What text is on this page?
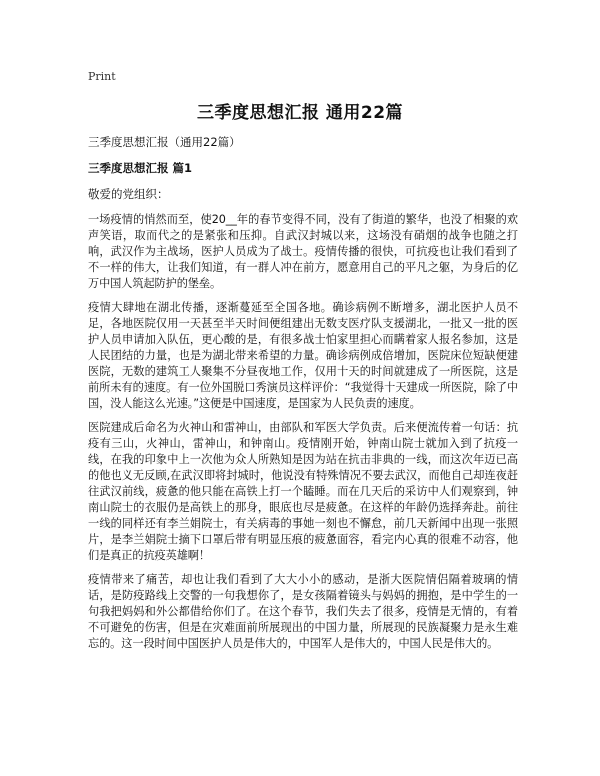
Print
三季度思想汇报 通用22篇

三季度思想汇报（通用22篇）

三季度思想汇报 篇1

敬爱的党组织：

一场疫情的悄然而至，使20__年的春节变得不同，没有了街道的繁华，也没了相聚的欢声笑语，取而代之的是紧张和压抑。自武汉封城以来，这场没有硝烟的战争也随之打响，武汉作为主战场，医护人员成为了战士。疫情传播的很快，可抗疫也让我们看到了不一样的伟大，让我们知道，有一群人冲在前方，愿意用自己的平凡之躯，为身后的亿万中国人筑起防护的堡垒。

疫情大肆地在湖北传播，逐渐蔓延至全国各地。确诊病例不断增多，湖北医护人员不足，各地医院仅用一天甚至半天时间便组建出无数支医疗队支援湖北，一批又一批的医护人员申请加入队伍，更心酸的是，有很多战士怕家里担心而瞒着家人报名参加，这是人民团结的力量，也是为湖北带来希望的力量。确诊病例成倍增加，医院床位短缺便建医院，无数的建筑工人聚集不分昼夜地工作，仅用十天的时间就建成了一所医院，这是前所未有的速度。有一位外国脱口秀演员这样评价：“我觉得十天建成一所医院，除了中国，没人能这么光速。”这便是中国速度，是国家为人民负责的速度。

医院建成后命名为火神山和雷神山，由部队和军医大学负责。后来便流传着一句话：抗疫有三山，火神山，雷神山，和钟南山。疫情刚开始，钟南山院士就加入到了抗疫一线，在我的印象中上一次他为众人所熟知是因为站在抗击非典的一线，而这次年迈已高的他也义无反顾,在武汉即将封城时，他说没有特殊情况不要去武汉，而他自己却连夜赶往武汉前线，疲惫的他只能在高铁上打一个瞌睡。而在几天后的采访中人们观察到，钟南山院士的衣服仍是高铁上的那身，眼底也尽是疲惫。在这样的年龄仍选择奔赴。前往一线的同样还有李兰娟院士，有关病毒的事她一刻也不懈怠，前几天新闻中出现一张照片，是李兰娟院士摘下口罩后带有明显压痕的疲惫面容，看完内心真的很难不动容，他们是真正的抗疫英雄啊！

疫情带来了痛苦，却也让我们看到了大大小小的感动，是浙大医院情侣隔着玻璃的情话，是防疫路线上交警的一句我想你了，是女孩隔着镜头与妈妈的拥抱，是中学生的一句我把妈妈和外公都借给你们了。在这个春节，我们失去了很多，疫情是无情的，有着不可避免的伤害，但是在灾难面前所展现出的中国力量，所展现的民族凝聚力是永生难忘的。这一段时间中国医护人员是伟大的，中国军人是伟大的，中国人民是伟大的。
